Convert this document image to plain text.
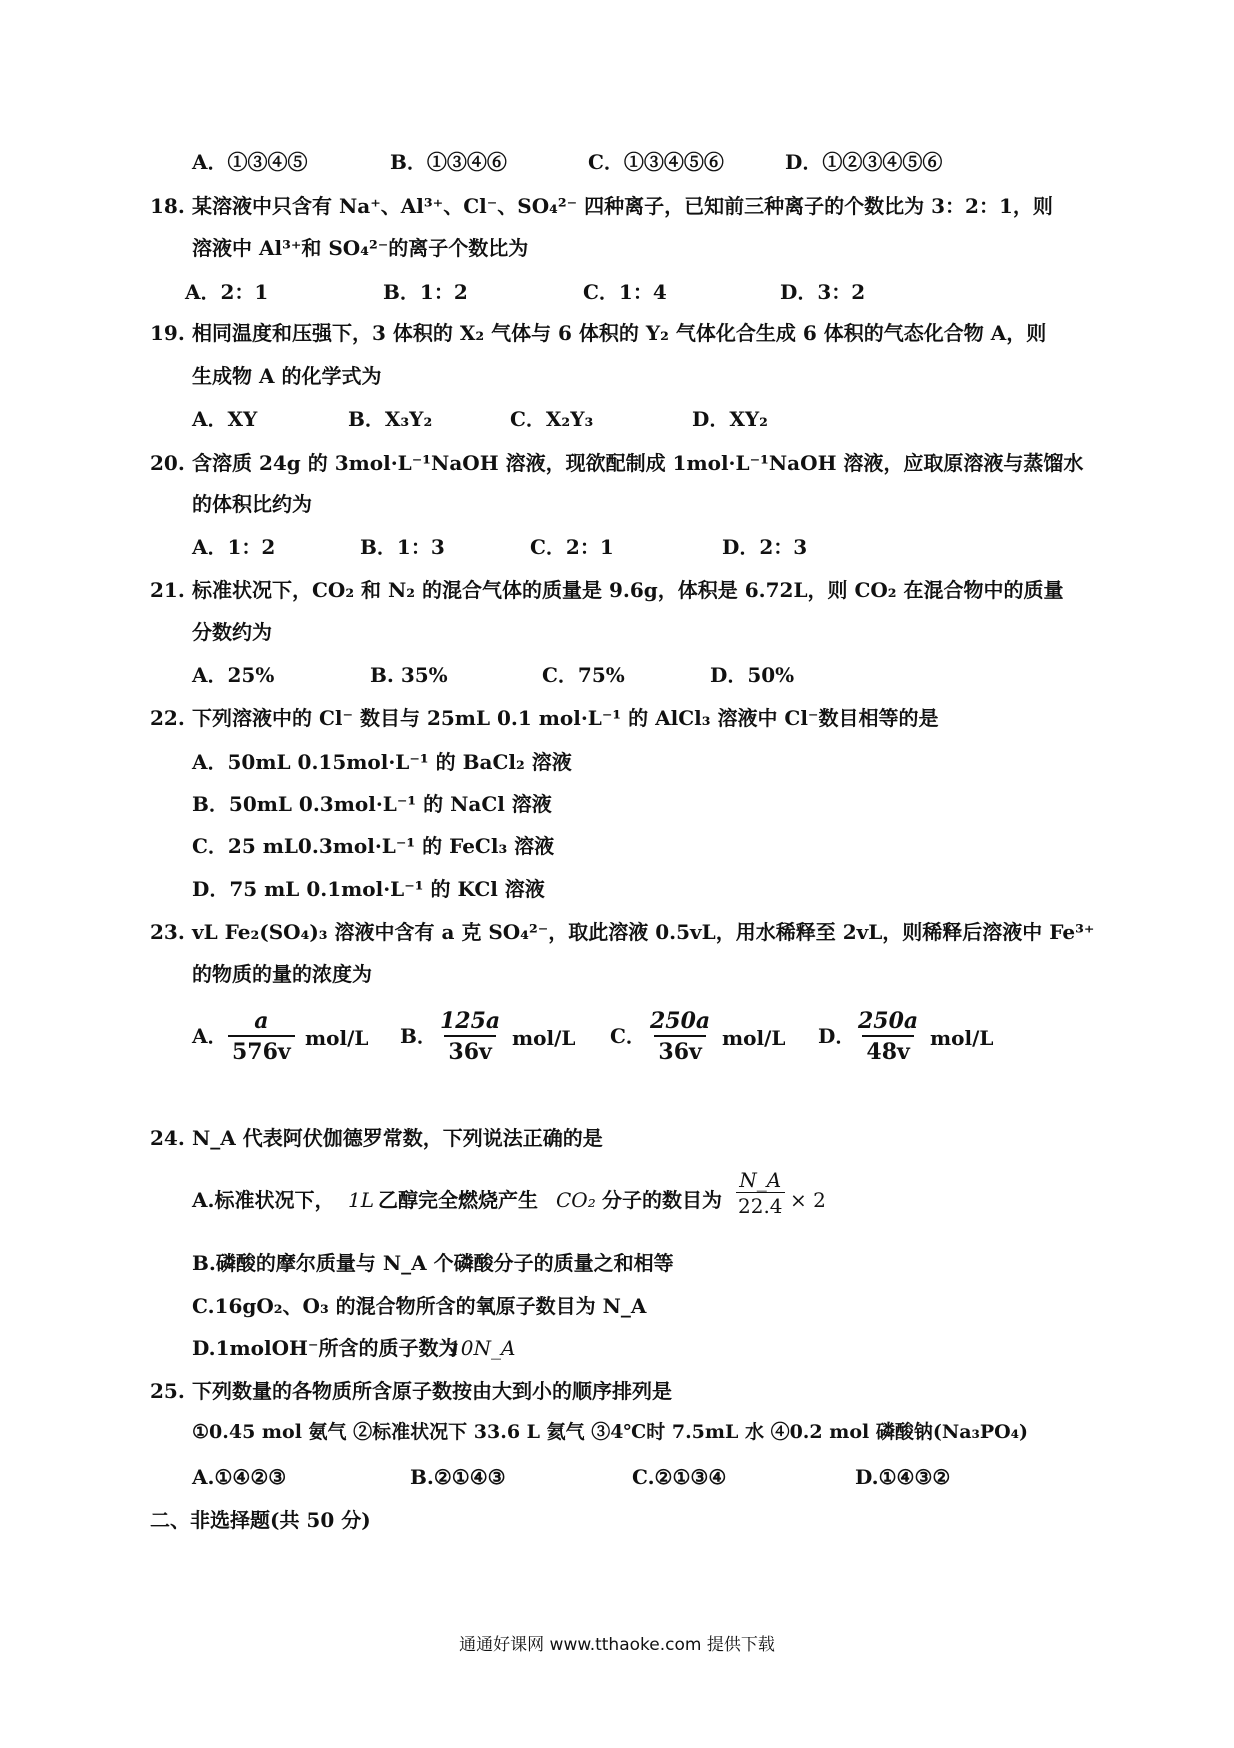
A．①③④⑤	B．①③④⑥	C．①③④⑤⑥	D．①②③④⑤⑥
18. 某溶液中只含有 Na⁺、Al³⁺、Cl⁻、SO₄²⁻ 四种离子，已知前三种离子的个数比为 3：2：1，则
溶液中 Al³⁺和 SO₄²⁻的离子个数比为
A．2：1	B．1：2	C．1：4	D．3：2
19. 相同温度和压强下，3 体积的 X₂ 气体与 6 体积的 Y₂ 气体化合生成 6 体积的气态化合物 A，则
生成物 A 的化学式为
A．XY	B．X₃Y₂	C．X₂Y₃	D．XY₂
20. 含溶质 24g 的 3mol·L⁻¹NaOH 溶液，现欲配制成 1mol·L⁻¹NaOH 溶液，应取原溶液与蒸馏水
的体积比约为
A．1：2	B．1：3	C．2：1	D．2：3
21. 标准状况下，CO₂ 和 N₂ 的混合气体的质量是 9.6g，体积是 6.72L，则 CO₂ 在混合物中的质量
分数约为
A．25%	B. 35%	C．75%	D．50%
22. 下列溶液中的 Cl⁻ 数目与 25mL 0.1 mol·L⁻¹ 的 AlCl₃ 溶液中 Cl⁻数目相等的是
A．50mL 0.15mol·L⁻¹ 的 BaCl₂ 溶液
B．50mL 0.3mol·L⁻¹ 的 NaCl 溶液
C．25 mL0.3mol·L⁻¹ 的 FeCl₃ 溶液
D．75 mL 0.1mol·L⁻¹ 的 KCl 溶液
23. vL Fe₂(SO₄)₃ 溶液中含有 a 克 SO₄²⁻，取此溶液 0.5vL，用水稀释至 2vL，则稀释后溶液中 Fe³⁺
的物质的量的浓度为
A． $\frac{a}{576v} mol/L$ B． $\frac{125a}{36v} mol/L$ C． $\frac{250a}{36v} mol/L$ D．
$\frac{250a}{48v} mol/L$
24. N_A 代表阿伏伽德罗常数，下列说法正确的是
A.标准状况下， 1L 乙醇完全燃烧产生 CO₂ 分子的数目为 $\frac{N\_A}{22.4} \times 2$
B.磷酸的摩尔质量与 N_A 个磷酸分子的质量之和相等
C.16gO₂、O₃ 的混合物所含的氧原子数目为 N_A
D.1molOH⁻所含的质子数为
10N_A
25. 下列数量的各物质所含原子数按由大到小的顺序排列是
①0.45 mol 氨气 ②标准状况下 33.6 L 氦气 ③4℃时 7.5mL 水 ④0.2 mol 磷酸钠(Na₃PO₄)
A.①④②③	B.②①④③	C.②①③④	D.①④③②
二、非选择题(共 50 分)
通通好课网 www.tthaoke.com 提供下载
